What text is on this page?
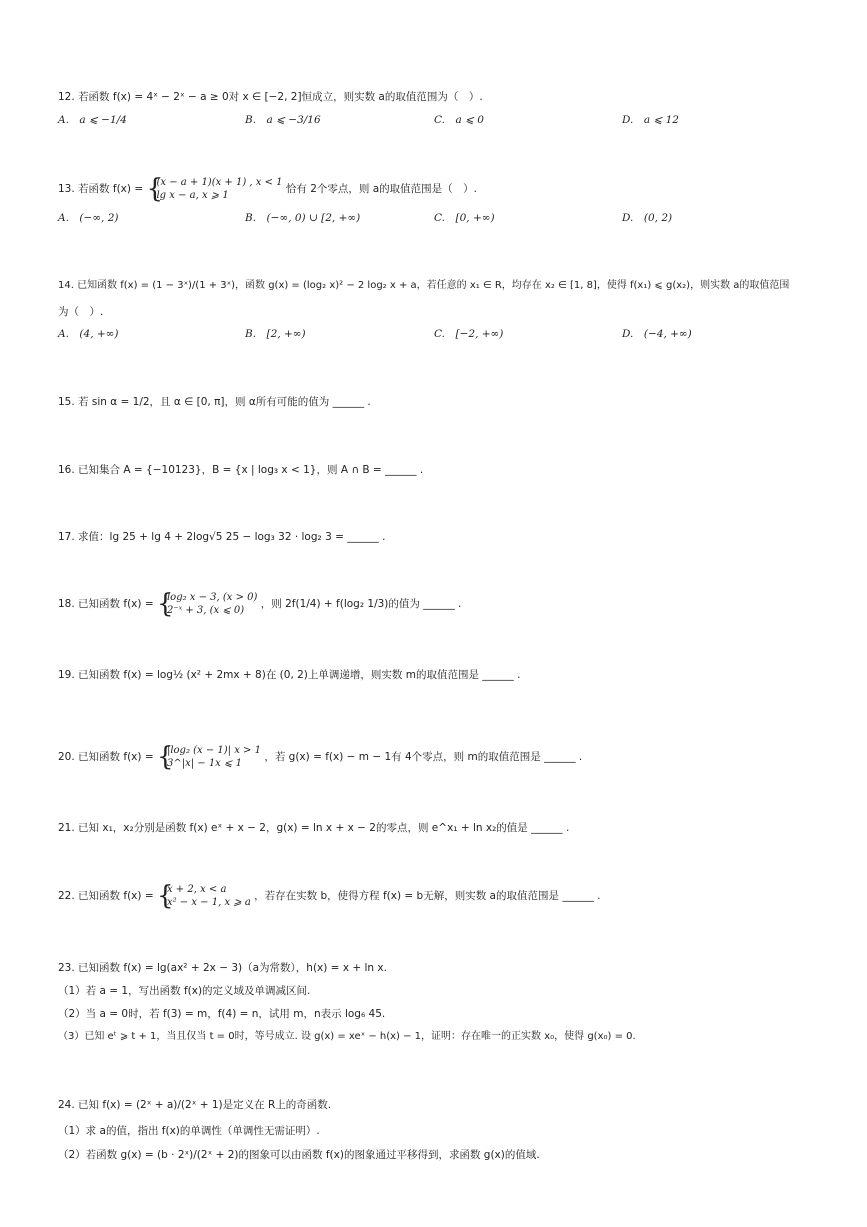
12. 若函数 f(x) = 4ˣ − 2ˣ − a ≥ 0对 x ∈ [−2, 2]恒成立，则实数 a的取值范围为（　）.
A.　a ⩽ −1/4	B.　a ⩽ −3/16	C.　a ⩽ 0	D.　a ⩽ 12
13. 若函数 f(x) =
{ (x − a + 1)(x + 1) , x < 1
lg x − a, x ⩾ 1
恰有 2个零点，则 a的取值范围是（　）.
A.　(−∞, 2)	B.　(−∞, 0) ∪ [2, +∞)	C.　[0, +∞)	D.　(0, 2)
14. 已知函数 f(x) = (1 − 3ˣ)/(1 + 3ˣ)，函数 g(x) = (log₂ x)² − 2 log₂ x + a，若任意的 x₁ ∈ R，均存在 x₂ ∈ [1, 8]，使得 f(x₁) ⩽ g(x₂)，则实数 a的取值范围
为（　）.
A.　(4, +∞)	B.　[2, +∞)	C.　[−2, +∞)	D.　(−4, +∞)
15. 若 sin α = 1/2，且 α ∈ [0, π]，则 α所有可能的值为 ______ .
16. 已知集合 A = {−10123}，B = {x | log₃ x < 1}，则 A ∩ B = ______ .
17. 求值：lg 25 + lg 4 + 2log√5 25 − log₃ 32 · log₂ 3 = ______ .
18. 已知函数 f(x) =
{ log₂ x − 3, (x > 0)
2⁻ˣ + 3, (x ⩽ 0)
，则 2f(1/4) + f(log₂ 1/3)的值为 ______ .
19. 已知函数 f(x) = log½ (x² + 2mx + 8)在 (0, 2)上单调递增，则实数 m的取值范围是 ______ .
20. 已知函数 f(x) =
{ |log₂ (x − 1)| x > 1
3^|x| − 1x ⩽ 1
，若 g(x) = f(x) − m − 1有 4个零点，则 m的取值范围是 ______ .
21. 已知 x₁，x₂分别是函数 f(x) eˣ + x − 2，g(x) = ln x + x − 2的零点，则 e^x₁ + ln x₂的值是 ______ .
22. 已知函数 f(x) =
{ x + 2, x < a
x² − x − 1, x ⩾ a
，若存在实数 b，使得方程 f(x) = b无解，则实数 a的取值范围是 ______ .
23. 已知函数 f(x) = lg(ax² + 2x − 3)（a为常数），h(x) = x + ln x.
（1）若 a = 1，写出函数 f(x)的定义域及单调减区间.
（2）当 a = 0时，若 f(3) = m，f(4) = n，试用 m，n表示 log₆ 45.
（3）已知 eᵗ ⩾ t + 1，当且仅当 t = 0时，等号成立. 设 g(x) = xeˣ − h(x) − 1，证明：存在唯一的正实数 x₀，使得 g(x₀) = 0.
24. 已知 f(x) = (2ˣ + a)/(2ˣ + 1)是定义在 R上的奇函数.
（1）求 a的值，指出 f(x)的单调性（单调性无需证明）.
（2）若函数 g(x) = (b · 2ˣ)/(2ˣ + 2)的图象可以由函数 f(x)的图象通过平移得到，求函数 g(x)的值域.
